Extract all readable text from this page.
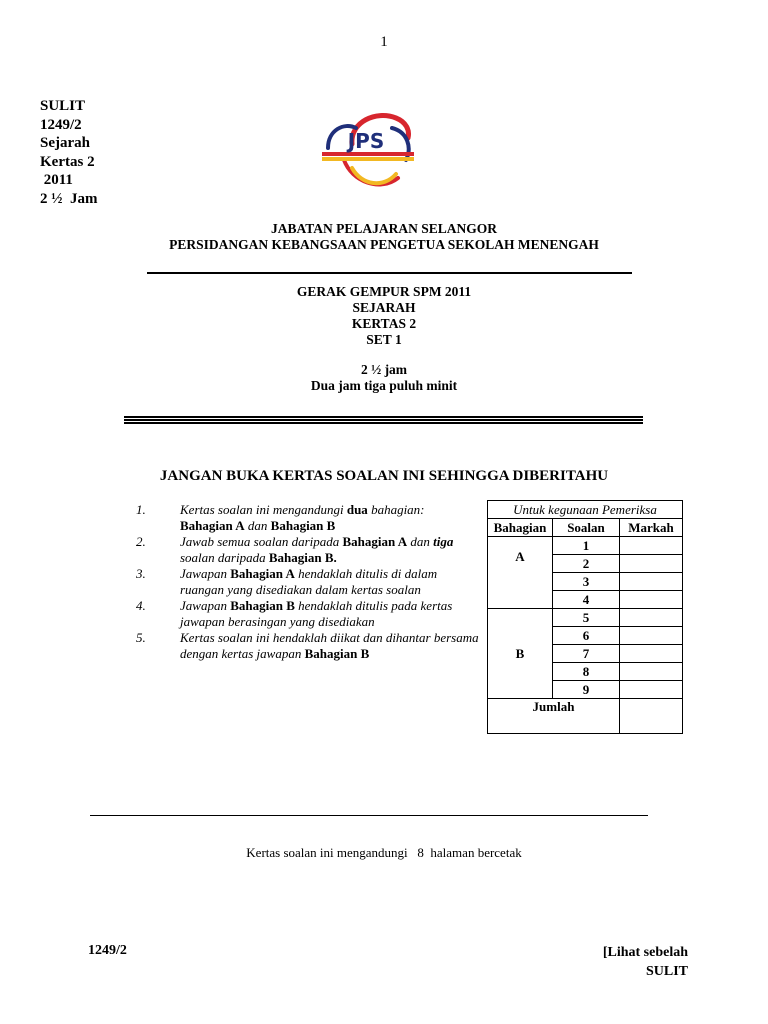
1
SULIT
1249/2
Sejarah
Kertas 2
2011
2 ½  Jam
JPS
JABATAN PELAJARAN SELANGOR
PERSIDANGAN KEBANGSAAN PENGETUA SEKOLAH MENENGAH
GERAK GEMPUR SPM 2011
SEJARAH
KERTAS 2
SET 1
2 ½ jam
Dua jam tiga puluh minit
JANGAN BUKA KERTAS SOALAN INI SEHINGGA DIBERITAHU
1.	Kertas soalan ini mengandungi dua bahagian:
Bahagian A dan Bahagian B
2.	Jawab semua soalan daripada Bahagian A dan tiga
soalan daripada Bahagian B.
3.	Jawapan Bahagian A hendaklah ditulis di dalam ruangan yang disediakan dalam kertas soalan
4.	Jawapan Bahagian B hendaklah ditulis pada kertas jawapan berasingan yang disediakan
5.	Kertas soalan ini hendaklah diikat dan dihantar bersama dengan kertas jawapan Bahagian B
Untuk kegunaan Pemeriksa		
Bahagian	Soalan	Markah
A	1	
	2	
	3	
	4	
B	5	
	6	
	7	
	8	
	9	
Jumlah		
Kertas soalan ini mengandungi   8  halaman bercetak
1249/2	[Lihat sebelah
SULIT
